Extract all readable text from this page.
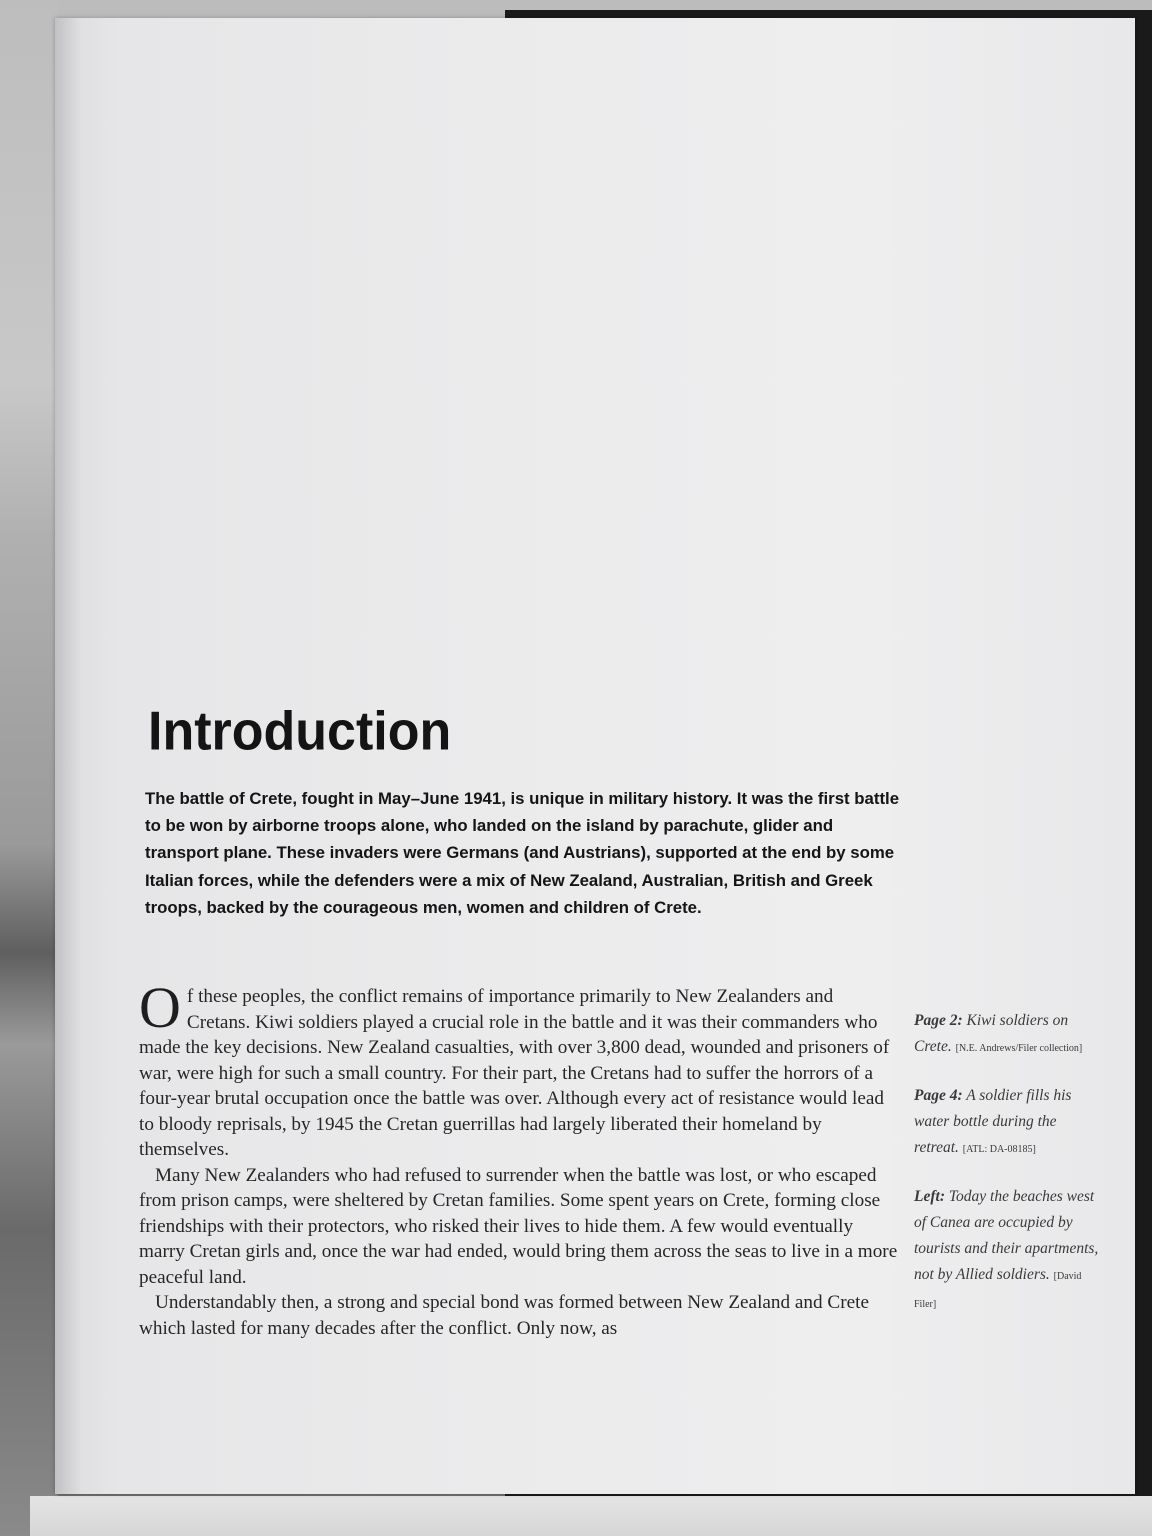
Introduction

The battle of Crete, fought in May–June 1941, is unique in military history. It was the first battle to be won by airborne troops alone, who landed on the island by parachute, glider and transport plane. These invaders were Germans (and Austrians), supported at the end by some Italian forces, while the defenders were a mix of New Zealand, Australian, British and Greek troops, backed by the courageous men, women and children of Crete.

Of these peoples, the conflict remains of importance primarily to New Zealanders and Cretans. Kiwi soldiers played a crucial role in the battle and it was their commanders who made the key decisions. New Zealand casualties, with over 3,800 dead, wounded and prisoners of war, were high for such a small country. For their part, the Cretans had to suffer the horrors of a four-year brutal occupation once the battle was over. Although every act of resistance would lead to bloody reprisals, by 1945 the Cretan guerrillas had largely liberated their homeland by themselves.

Many New Zealanders who had refused to surrender when the battle was lost, or who escaped from prison camps, were sheltered by Cretan families. Some spent years on Crete, forming close friendships with their protectors, who risked their lives to hide them. A few would eventually marry Cretan girls and, once the war had ended, would bring them across the seas to live in a more peaceful land.

Understandably then, a strong and special bond was formed between New Zealand and Crete which lasted for many decades after the conflict. Only now, as

Page 2: Kiwi soldiers on Crete. [N.E. Andrews/Filer collection]

Page 4: A soldier fills his water bottle during the retreat. [ATL: DA-08185]

Left: Today the beaches west of Canea are occupied by tourists and their apartments, not by Allied soldiers. [David Filer]
